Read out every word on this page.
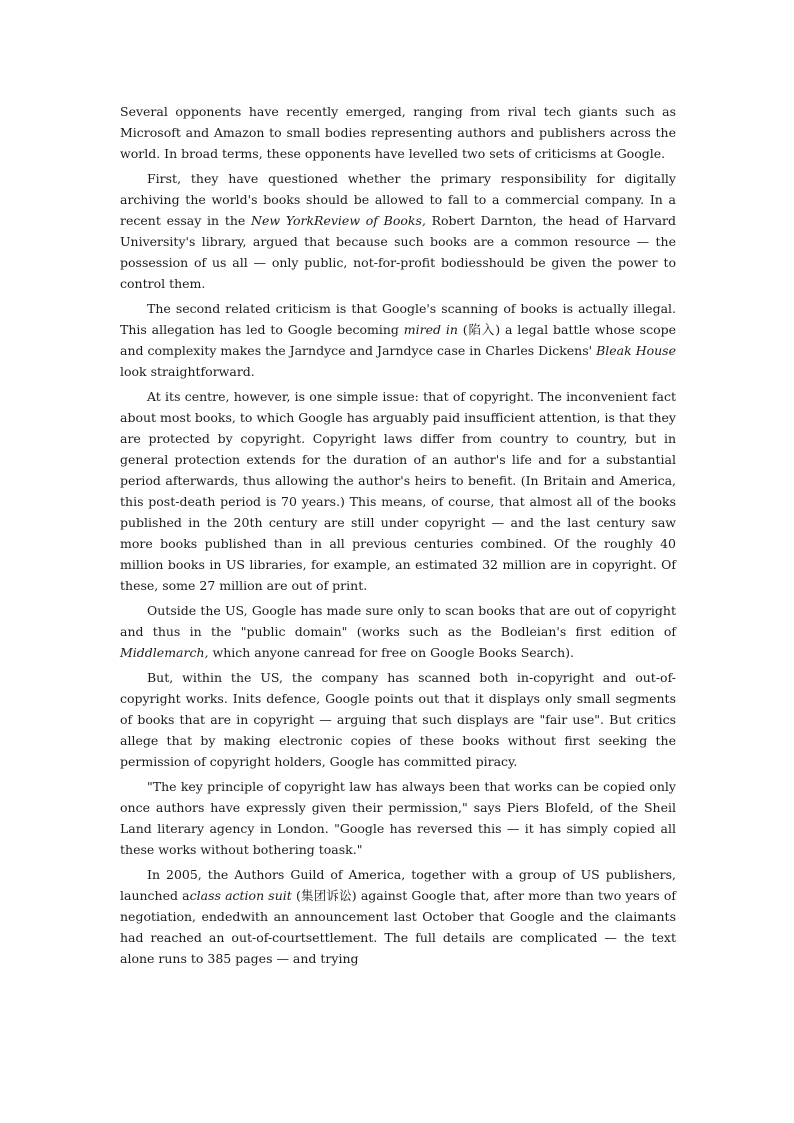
Several opponents have recently emerged, ranging from rival tech giants such as Microsoft and Amazon to small bodies representing authors and publishers across the world. In broad terms, these opponents have levelled two sets of criticisms at Google.

First, they have questioned whether the primary responsibility for digitally archiving the world's books should be allowed to fall to a commercial company. In a recent essay in the New YorkReview of Books, Robert Darnton, the head of Harvard University's library, argued that because such books are a common resource — the possession of us all — only public, not-for-profit bodiesshould be given the power to control them.

The second related criticism is that Google's scanning of books is actually illegal. This allegation has led to Google becoming mired in (陷入) a legal battle whose scope and complexity makes the Jarndyce and Jarndyce case in Charles Dickens' Bleak House look straightforward.

At its centre, however, is one simple issue: that of copyright. The inconvenient fact about most books, to which Google has arguably paid insufficient attention, is that they are protected by copyright. Copyright laws differ from country to country, but in general protection extends for the duration of an author's life and for a substantial period afterwards, thus allowing the author's heirs to benefit. (In Britain and America, this post-death period is 70 years.) This means, of course, that almost all of the books published in the 20th century are still under copyright — and the last century saw more books published than in all previous centuries combined. Of the roughly 40 million books in US libraries, for example, an estimated 32 million are in copyright. Of these, some 27 million are out of print.

Outside the US, Google has made sure only to scan books that are out of copyright and thus in the "public domain" (works such as the Bodleian's first edition of Middlemarch, which anyone canread for free on Google Books Search).

But, within the US, the company has scanned both in-copyright and out-of-copyright works. Inits defence, Google points out that it displays only small segments of books that are in copyright — arguing that such displays are "fair use". But critics allege that by making electronic copies of these books without first seeking the permission of copyright holders, Google has committed piracy.

"The key principle of copyright law has always been that works can be copied only once authors have expressly given their permission," says Piers Blofeld, of the Sheil Land literary agency in London. "Google has reversed this — it has simply copied all these works without bothering toask."

In 2005, the Authors Guild of America, together with a group of US publishers, launched aclass action suit (集团诉讼) against Google that, after more than two years of negotiation, endedwith an announcement last October that Google and the claimants had reached an out-of-courtsettlement. The full details are complicated — the text alone runs to 385 pages — and trying
